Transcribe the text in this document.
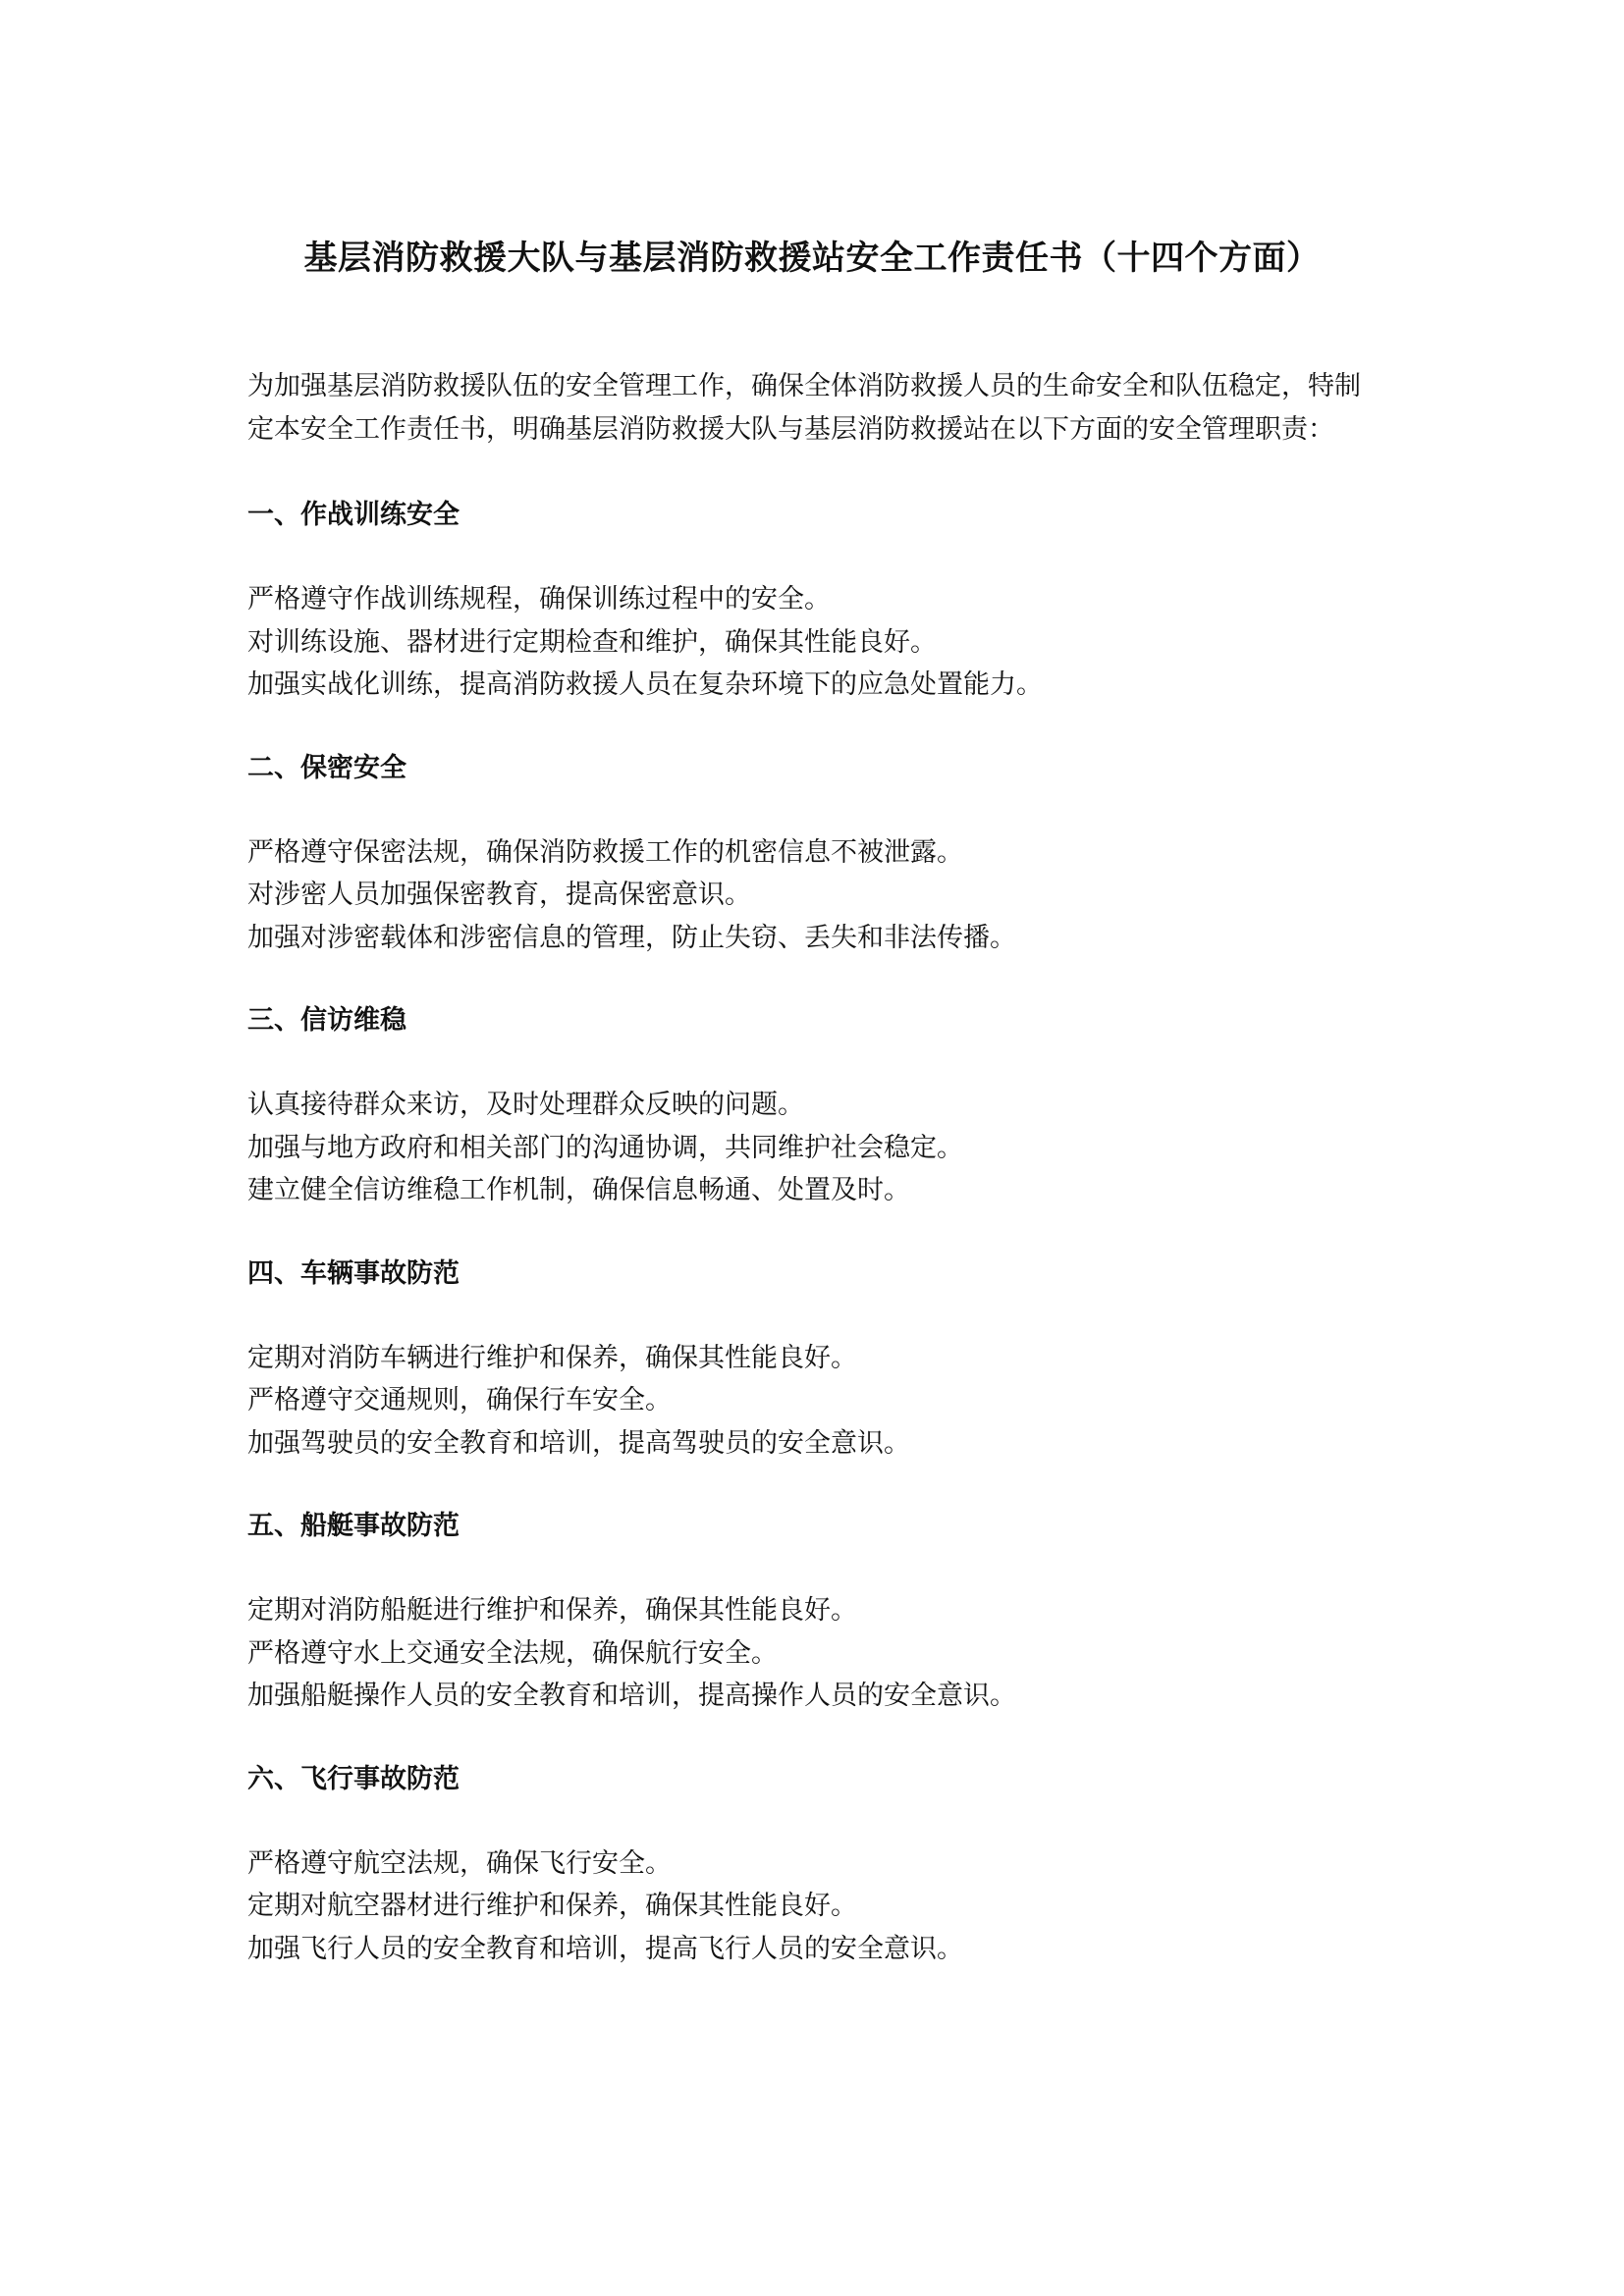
基层消防救援大队与基层消防救援站安全工作责任书（十四个方面）

为加强基层消防救援队伍的安全管理工作，确保全体消防救援人员的生命安全和队伍稳定，特制定本安全工作责任书，明确基层消防救援大队与基层消防救援站在以下方面的安全管理职责：

一、作战训练安全
严格遵守作战训练规程，确保训练过程中的安全。
对训练设施、器材进行定期检查和维护，确保其性能良好。
加强实战化训练，提高消防救援人员在复杂环境下的应急处置能力。
二、保密安全
严格遵守保密法规，确保消防救援工作的机密信息不被泄露。
对涉密人员加强保密教育，提高保密意识。
加强对涉密载体和涉密信息的管理，防止失窃、丢失和非法传播。
三、信访维稳
认真接待群众来访，及时处理群众反映的问题。
加强与地方政府和相关部门的沟通协调，共同维护社会稳定。
建立健全信访维稳工作机制，确保信息畅通、处置及时。
四、车辆事故防范
定期对消防车辆进行维护和保养，确保其性能良好。
严格遵守交通规则，确保行车安全。
加强驾驶员的安全教育和培训，提高驾驶员的安全意识。
五、船艇事故防范
定期对消防船艇进行维护和保养，确保其性能良好。
严格遵守水上交通安全法规，确保航行安全。
加强船艇操作人员的安全教育和培训，提高操作人员的安全意识。
六、飞行事故防范
严格遵守航空法规，确保飞行安全。
定期对航空器材进行维护和保养，确保其性能良好。
加强飞行人员的安全教育和培训，提高飞行人员的安全意识。
